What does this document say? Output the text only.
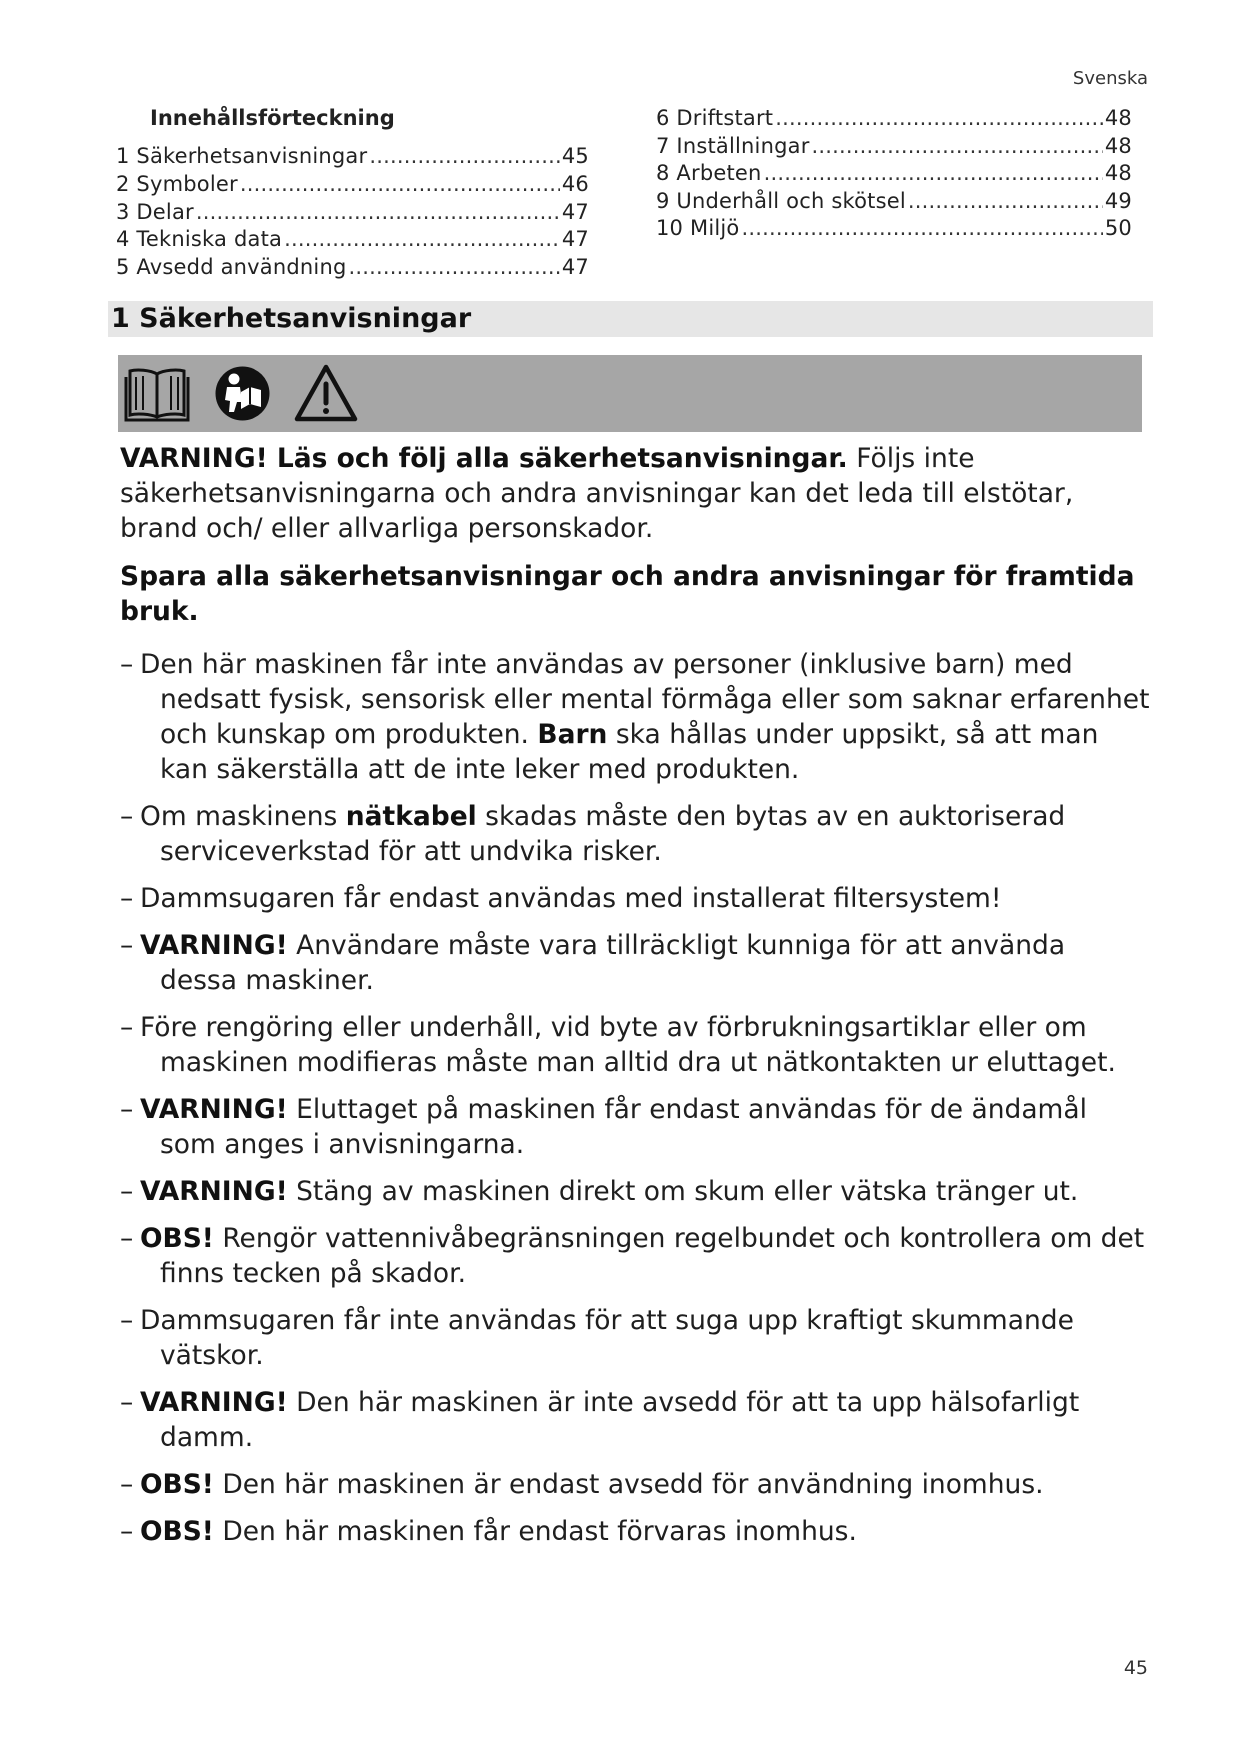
Svenska
Innehållsförteckning
1 Säkerhetsanvisningar .....	45
2 Symboler .....	46
3 Delar .....	47
4 Tekniska data .....	47
5 Avsedd användning .....	47
6 Driftstart .....	48
7 Inställningar .....	48
8 Arbeten .....	48
9 Underhåll och skötsel .....	49
10 Miljö .....	50
1 Säkerhetsanvisningar

VARNING! Läs och följ alla säkerhetsanvisningar. Följs inte säkerhetsanvisningarna och andra anvisningar kan det leda till elstötar, brand och/ eller allvarliga personskador.

Spara alla säkerhetsanvisningar och andra anvisningar för framtida bruk.

– Den här maskinen får inte användas av personer (inklusive barn) med nedsatt fysisk, sensorisk eller mental förmåga eller som saknar erfarenhet och kunskap om produkten. Barn ska hållas under uppsikt, så att man kan säkerställa att de inte leker med produkten.
– Om maskinens nätkabel skadas måste den bytas av en auktoriserad serviceverkstad för att undvika risker.
– Dammsugaren får endast användas med installerat filtersystem!
– VARNING! Användare måste vara tillräckligt kunniga för att använda dessa maskiner.
– Före rengöring eller underhåll, vid byte av förbrukningsartiklar eller om maskinen modifieras måste man alltid dra ut nätkontakten ur eluttaget.
– VARNING! Eluttaget på maskinen får endast användas för de ändamål som anges i anvisningarna.
– VARNING! Stäng av maskinen direkt om skum eller vätska tränger ut.
– OBS! Rengör vattennivåbegränsningen regelbundet och kontrollera om det finns tecken på skador.
– Dammsugaren får inte användas för att suga upp kraftigt skummande vätskor.
– VARNING! Den här maskinen är inte avsedd för att ta upp hälsofarligt damm.
– OBS! Den här maskinen är endast avsedd för användning inomhus.
– OBS! Den här maskinen får endast förvaras inomhus.
45
